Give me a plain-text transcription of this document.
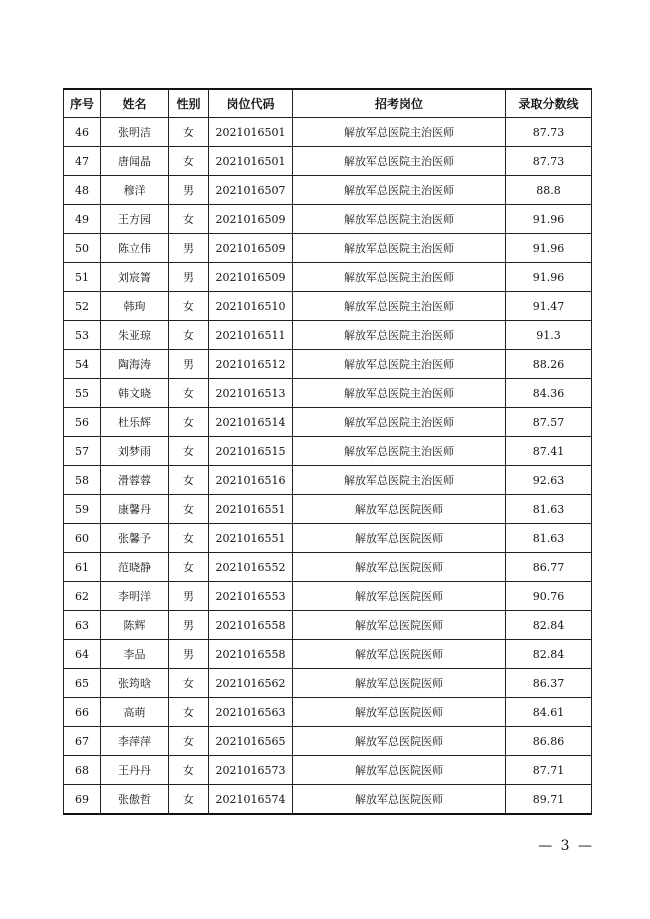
序号	姓名	性别	岗位代码	招考岗位	录取分数线
46	张明洁	女	2021016501	解放军总医院主治医师	87.73
47	唐闻晶	女	2021016501	解放军总医院主治医师	87.73
48	穆洋	男	2021016507	解放军总医院主治医师	88.8
49	王方园	女	2021016509	解放军总医院主治医师	91.96
50	陈立伟	男	2021016509	解放军总医院主治医师	91.96
51	刘宸箐	男	2021016509	解放军总医院主治医师	91.96
52	韩珣	女	2021016510	解放军总医院主治医师	91.47
53	朱亚琼	女	2021016511	解放军总医院主治医师	91.3
54	陶海涛	男	2021016512	解放军总医院主治医师	88.26
55	韩文晓	女	2021016513	解放军总医院主治医师	84.36
56	杜乐辉	女	2021016514	解放军总医院主治医师	87.57
57	刘梦雨	女	2021016515	解放军总医院主治医师	87.41
58	滑蓉蓉	女	2021016516	解放军总医院主治医师	92.63
59	康馨丹	女	2021016551	解放军总医院医师	81.63
60	张馨予	女	2021016551	解放军总医院医师	81.63
61	范晓静	女	2021016552	解放军总医院医师	86.77
62	李明洋	男	2021016553	解放军总医院医师	90.76
63	陈辉	男	2021016558	解放军总医院医师	82.84
64	李品	男	2021016558	解放军总医院医师	82.84
65	张筠晗	女	2021016562	解放军总医院医师	86.37
66	高萌	女	2021016563	解放军总医院医师	84.61
67	李萍萍	女	2021016565	解放军总医院医师	86.86
68	王丹丹	女	2021016573	解放军总医院医师	87.71
69	张傲哲	女	2021016574	解放军总医院医师	89.71
— 3 —
